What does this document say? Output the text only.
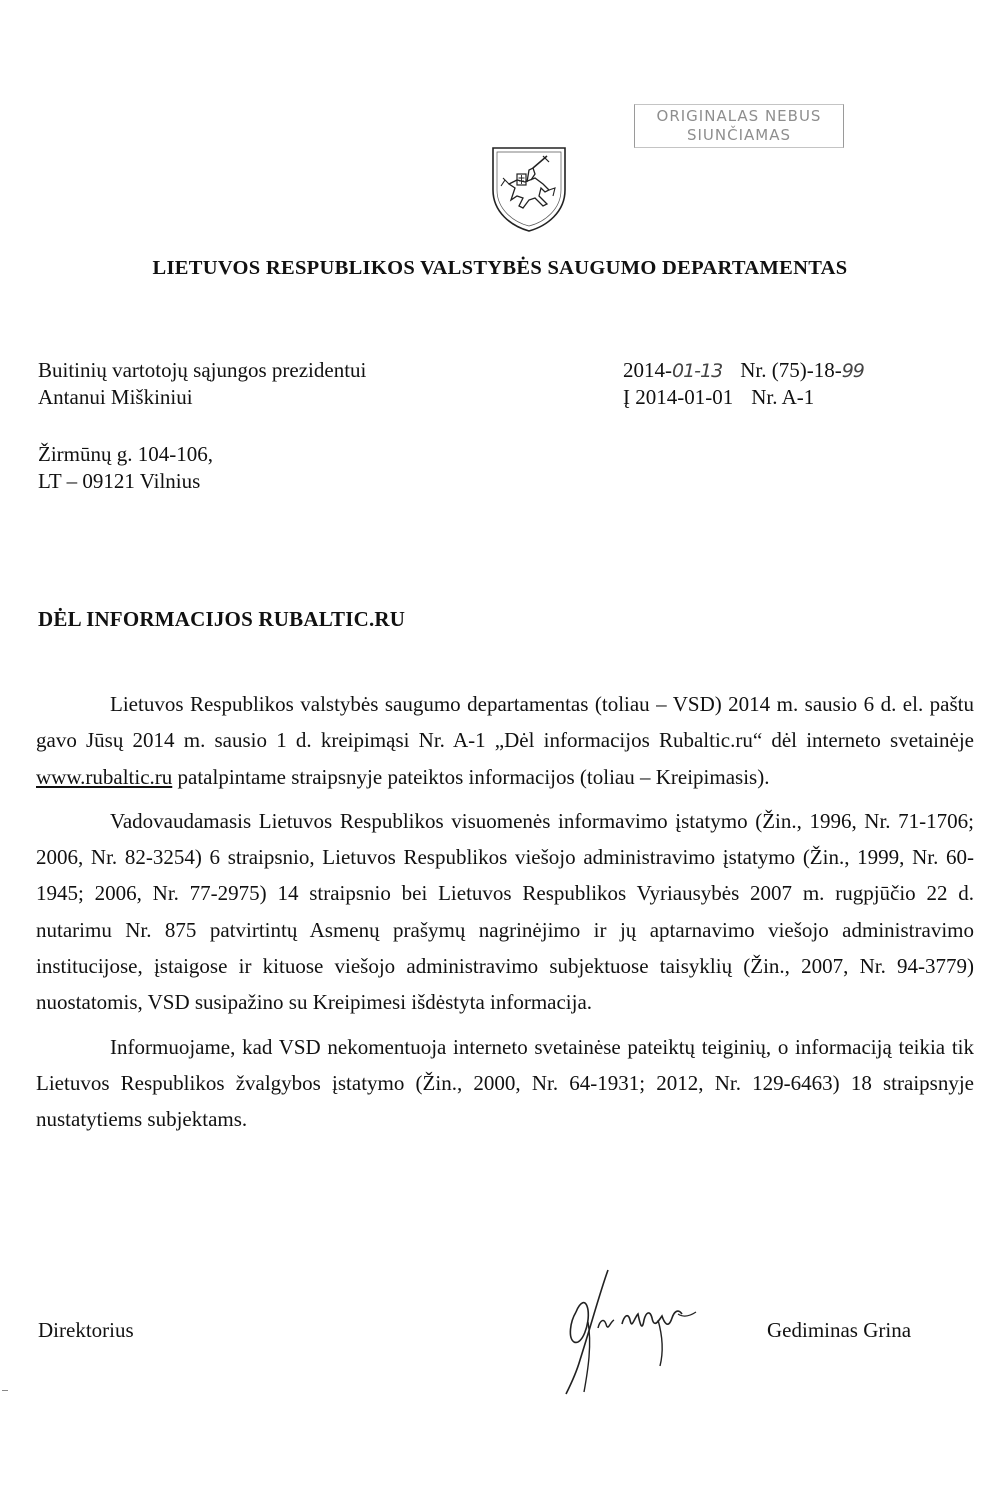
ORIGINALAS NEBUS
SIUNČIAMAS
LIETUVOS RESPUBLIKOS VALSTYBĖS SAUGUMO DEPARTAMENTAS
Buitinių vartotojų sąjungos prezidentui
Antanui Miškiniui
Žirmūnų g. 104-106,
LT – 09121 Vilnius
2014-01-13 Nr. (75)-18-99
Į 2014-01-01 Nr. A-1
DĖL INFORMACIJOS RUBALTIC.RU

Lietuvos Respublikos valstybės saugumo departamentas (toliau – VSD) 2014 m. sausio 6 d. el. paštu gavo Jūsų 2014 m. sausio 1 d. kreipimąsi Nr. A-1 „Dėl informacijos Rubaltic.ru“ dėl interneto svetainėje www.rubaltic.ru patalpintame straipsnyje pateiktos informacijos (toliau – Kreipimasis).

Vadovaudamasis Lietuvos Respublikos visuomenės informavimo įstatymo (Žin., 1996, Nr. 71-1706; 2006, Nr. 82-3254) 6 straipsnio, Lietuvos Respublikos viešojo administravimo įstatymo (Žin., 1999, Nr. 60-1945; 2006, Nr. 77-2975) 14 straipsnio bei Lietuvos Respublikos Vyriausybės 2007 m. rugpjūčio 22 d. nutarimu Nr. 875 patvirtintų Asmenų prašymų nagrinėjimo ir jų aptarnavimo viešojo administravimo institucijose, įstaigose ir kituose viešojo administravimo subjektuose taisyklių (Žin., 2007, Nr. 94-3779) nuostatomis, VSD susipažino su Kreipimesi išdėstyta informacija.

Informuojame, kad VSD nekomentuoja interneto svetainėse pateiktų teiginių, o informaciją teikia tik Lietuvos Respublikos žvalgybos įstatymo (Žin., 2000, Nr. 64-1931; 2012, Nr. 129-6463) 18 straipsnyje nustatytiems subjektams.

Direktorius	Gediminas Grina
